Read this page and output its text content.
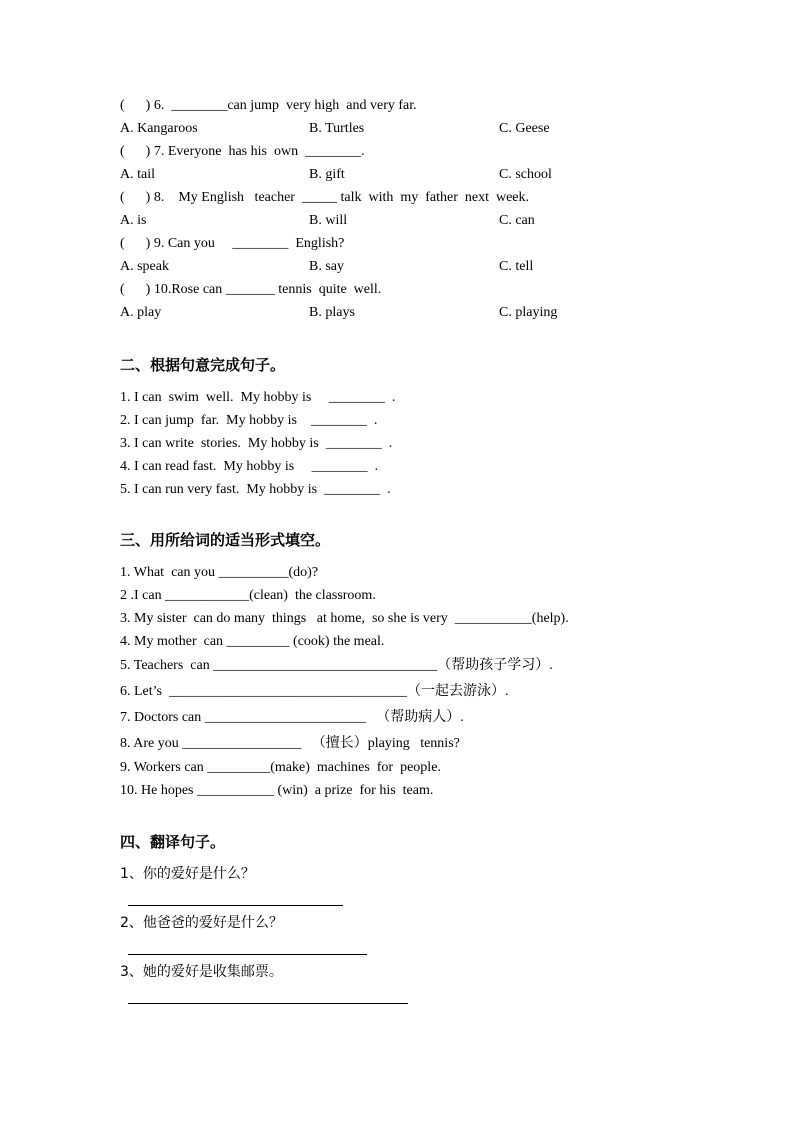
(      ) 6.  ________can jump  very high  and very far.
A. Kangaroos	B. Turtles	C. Geese
(      ) 7. Everyone  has his  own  ________.
A. tail	B. gift	C. school
(      ) 8.    My English   teacher  _____ talk  with  my  father  next  week.
A. is	B. will	C. can
(      ) 9. Can you     ________  English?
A. speak	B. say	C. tell
(      ) 10.Rose can _______ tennis  quite  well.
A. play	B. plays	C. playing
二、根据句意完成句子。
1. I can  swim  well.  My hobby is     ________  .
2. I can jump  far.  My hobby is    ________  .
3. I can write  stories.  My hobby is  ________  .
4. I can read fast.  My hobby is     ________  .
5. I can run very fast.  My hobby is  ________  .
三、用所给词的适当形式填空。
1. What  can you __________(do)?
2 .I can ____________(clean)  the classroom.
3. My sister  can do many  things   at home,  so she is very  ___________(help).
4. My mother  can _________ (cook) the meal.
5. Teachers  can ________________________________（帮助孩子学习）.
6. Let’s  __________________________________（一起去游泳）.
7. Doctors can _______________________   （帮助病人）.
8. Are you _________________   （擅长）playing   tennis?
9. Workers can _________(make)  machines  for  people.
10. He hopes ___________ (win)  a prize  for his  team.
四、翻译句子。
1、你的爱好是什么？
2、他爸爸的爱好是什么？
3、她的爱好是收集邮票。
